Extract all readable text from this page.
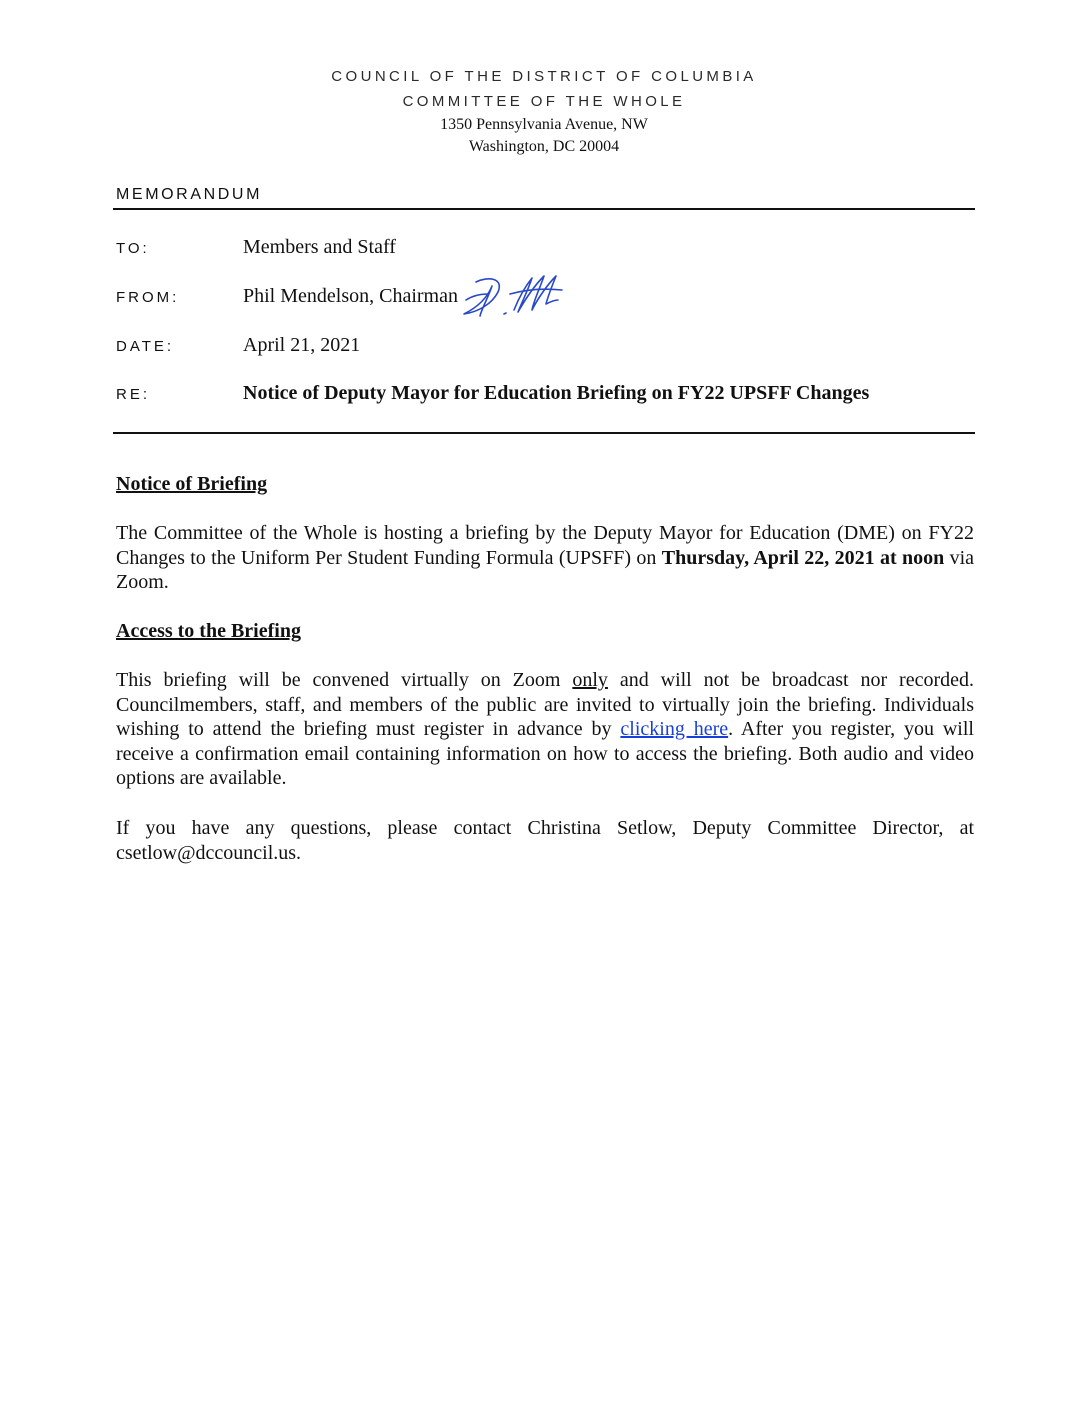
COUNCIL OF THE DISTRICT OF COLUMBIA
COMMITTEE OF THE WHOLE
1350 Pennsylvania Avenue, NW
Washington, DC 20004
MEMORANDUM
TO:	Members and Staff
FROM:	Phil Mendelson, Chairman
DATE:	April 21, 2021
RE:	Notice of Deputy Mayor for Education Briefing on FY22 UPSFF Changes
Notice of Briefing
The Committee of the Whole is hosting a briefing by the Deputy Mayor for Education (DME) on FY22 Changes to the Uniform Per Student Funding Formula (UPSFF) on Thursday, April 22, 2021 at noon via Zoom.
Access to the Briefing
This briefing will be convened virtually on Zoom only and will not be broadcast nor recorded. Councilmembers, staff, and members of the public are invited to virtually join the briefing. Individuals wishing to attend the briefing must register in advance by clicking here. After you register, you will receive a confirmation email containing information on how to access the briefing. Both audio and video options are available.
If you have any questions, please contact Christina Setlow, Deputy Committee Director, at csetlow@dccouncil.us.
